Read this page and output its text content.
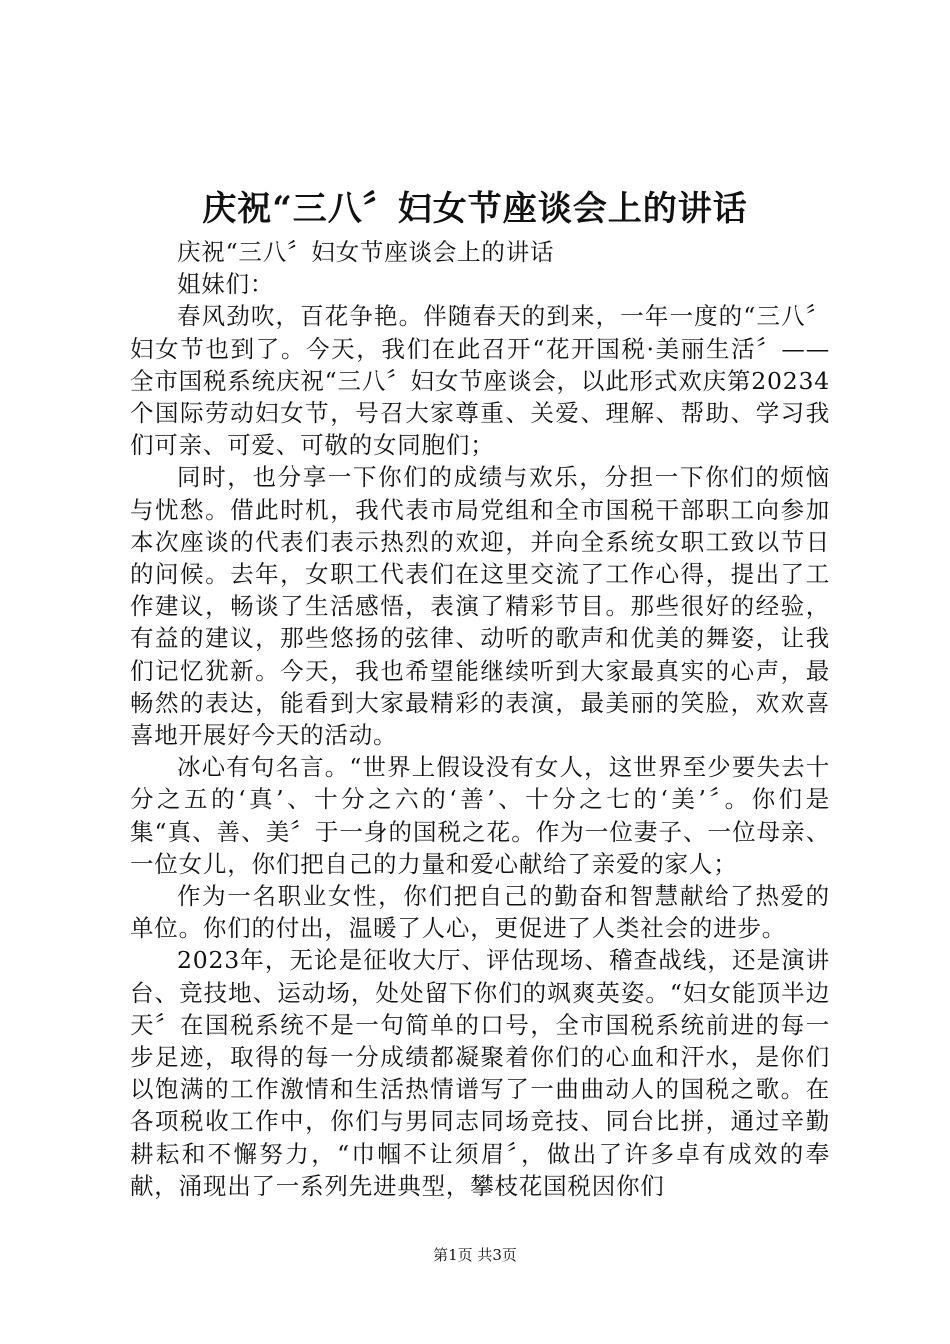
庆祝“三八〞妇女节座谈会上的讲话

庆祝“三八〞妇女节座谈会上的讲话

姐妹们：

春风劲吹，百花争艳。伴随春天的到来，一年一度的“三八〞妇女节也到了。今天，我们在此召开“花开国税·美丽生活〞——全市国税系统庆祝“三八〞妇女节座谈会，以此形式欢庆第20234个国际劳动妇女节，号召大家尊重、关爱、理解、帮助、学习我们可亲、可爱、可敬的女同胞们；

同时，也分享一下你们的成绩与欢乐，分担一下你们的烦恼与忧愁。借此时机，我代表市局党组和全市国税干部职工向参加本次座谈的代表们表示热烈的欢迎，并向全系统女职工致以节日的问候。去年，女职工代表们在这里交流了工作心得，提出了工作建议，畅谈了生活感悟，表演了精彩节目。那些很好的经验，有益的建议，那些悠扬的弦律、动听的歌声和优美的舞姿，让我们记忆犹新。今天，我也希望能继续听到大家最真实的心声，最畅然的表达，能看到大家最精彩的表演，最美丽的笑脸，欢欢喜喜地开展好今天的活动。

冰心有句名言。“世界上假设没有女人，这世界至少要失去十分之五的‘真’、十分之六的‘善’、十分之七的‘美’〞。你们是集“真、善、美〞于一身的国税之花。作为一位妻子、一位母亲、一位女儿，你们把自己的力量和爱心献给了亲爱的家人；

作为一名职业女性，你们把自己的勤奋和智慧献给了热爱的单位。你们的付出，温暖了人心，更促进了人类社会的进步。

2023年，无论是征收大厅、评估现场、稽查战线，还是演讲台、竞技地、运动场，处处留下你们的飒爽英姿。“妇女能顶半边天〞在国税系统不是一句简单的口号，全市国税系统前进的每一步足迹，取得的每一分成绩都凝聚着你们的心血和汗水，是你们以饱满的工作激情和生活热情谱写了一曲曲动人的国税之歌。在各项税收工作中，你们与男同志同场竞技、同台比拼，通过辛勤耕耘和不懈努力，“巾帼不让须眉〞，做出了许多卓有成效的奉献，涌现出了一系列先进典型，攀枝花国税因你们

第1页 共3页
